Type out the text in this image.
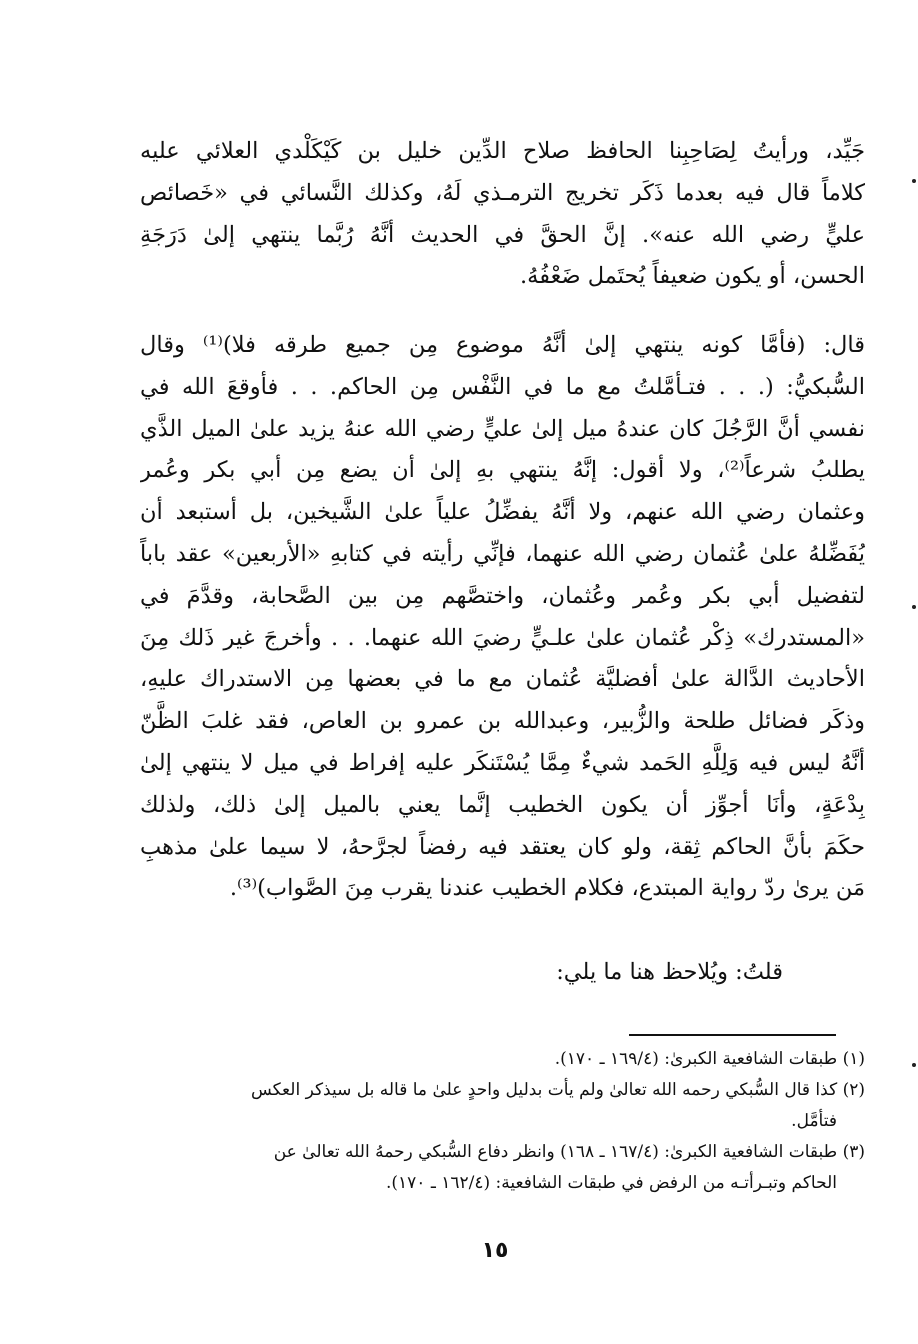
جَيِّد، ورأيتُ لِصَاحِبِنا الحافظ صلاح الدِّين خليل بن كَيْكَلْدي العلائي عليه
كلاماً قال فيه بعدما ذَكَر تخريج الترمـذي لَهُ، وكذلك النَّسائي في «خَصائص
عليٍّ رضي الله عنه». إنَّ الحقَّ في الحديث أنَّهُ رُبَّما ينتهي إلىٰ دَرَجَةِ
الحسن، أو يكون ضعيفاً يُحتَمل ضَعْفُهُ.

قال: (فأمَّا كونه ينتهي إلىٰ أنَّهُ موضوع مِن جميع طرقه فلا)⁽¹⁾ وقال
السُّبكيُّ: (. . . فتـأمَّلتُ مع ما في النَّفْس مِن الحاكم. . . فأوقعَ الله في
نفسي أنَّ الرَّجُلَ كان عندهُ ميل إلىٰ عليٍّ رضي الله عنهُ يزيد علىٰ الميل الذَّي
يطلبُ شرعاً⁽²⁾، ولا أقول: إنَّهُ ينتهي بهِ إلىٰ أن يضع مِن أبي بكر وعُمر
وعثمان رضي الله عنهم، ولا أنَّهُ يفضِّلُ علياً علىٰ الشَّيخين، بل أستبعد أن
يُفَضِّلهُ علىٰ عُثمان رضي الله عنهما، فإنِّي رأيته في كتابهِ «الأربعين» عقد باباً
لتفضيل أبي بكر وعُمر وعُثمان، واختصَّهم مِن بين الصَّحابة، وقدَّمَ في
«المستدرك» ذِكْر عُثمان علىٰ علـيٍّ رضيَ الله عنهما. . . وأخرجَ غير ذَلك مِنَ
الأحاديث الدَّالة علىٰ أفضليَّة عُثمان مع ما في بعضها مِن الاستدراك عليهِ،
وذكَر فضائل طلحة والزُّبير، وعبدالله بن عمرو بن العاص، فقد غلبَ الظَّنّ
أنَّهُ ليس فيه وَلِلَّهِ الحَمد شيءٌ مِمَّا يُسْتَنكَر عليه إفراط في ميل لا ينتهي إلىٰ
بِدْعَةٍ، وأنَا أجوِّز أن يكون الخطيب إنَّما يعني بالميل إلىٰ ذلك، ولذلك
حكَمَ بأنَّ الحاكم ثِقة، ولو كان يعتقد فيه رفضاً لجرَّحهُ، لا سيما علىٰ مذهبِ
مَن يرىٰ ردّ رواية المبتدع، فكلام الخطيب عندنا يقرب مِنَ الصَّواب)⁽³⁾.

قلتُ: ويُلاحظ هنا ما يلي:

(١) طبقات الشافعية الكبرىٰ: (١٦٩/٤ ـ ١٧٠).
(٢) كذا قال السُّبكي رحمه الله تعالىٰ ولم يأت بدليل واحدٍ علىٰ ما قاله بل سيذكر العكس
فتأمَّل.
(٣) طبقات الشافعية الكبرىٰ: (١٦٧/٤ ـ ١٦٨) وانظر دفاع السُّبكي رحمهُ الله تعالىٰ عن
الحاكم وتبـرأتـه من الرفض في طبقات الشافعية: (١٦٢/٤ ـ ١٧٠).
١٥
